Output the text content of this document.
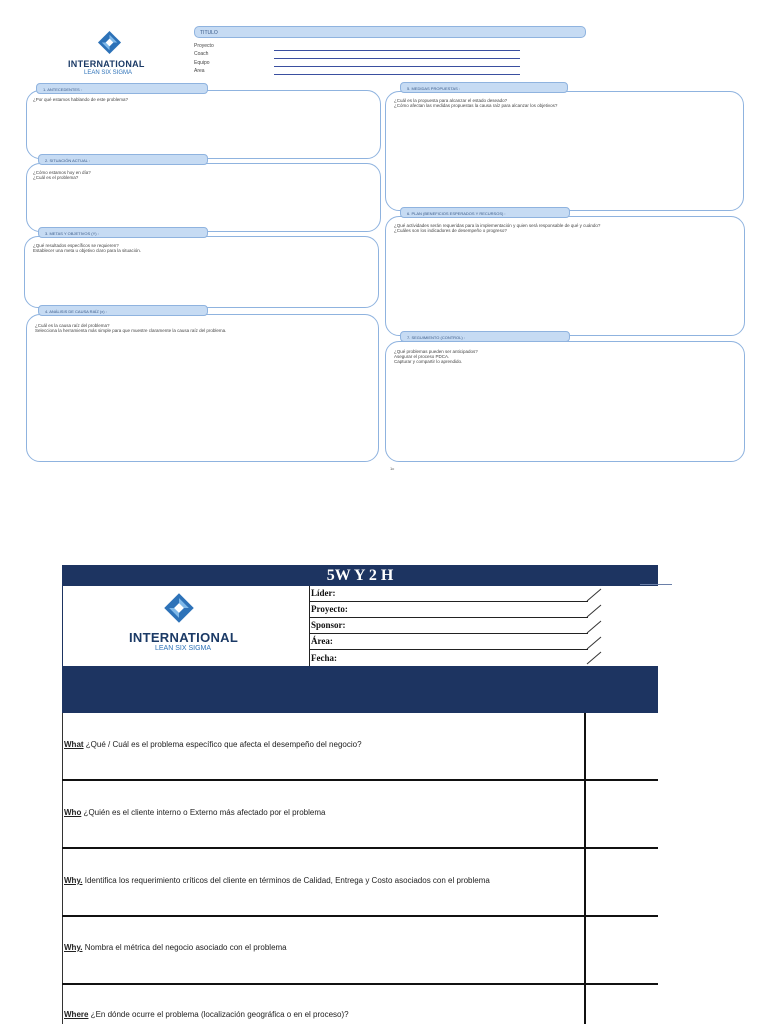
INTERNATIONAL
LEAN SIX SIGMA
TITULO
Proyecto
Coach
Equipo
Area
¿Por qué estamos hablando de este problema?
1. ANTECEDENTES :
¿Cómo estamos hoy en día?
¿Cuál es el problema?
2. SITUACIÓN ACTUAL :
¿Qué resultados específicos se requieren?
Establecer una meta u objetivo claro para la situación.
3. METAS Y OBJETIVOS (Y) :
¿Cuál es la causa raíz del problema?
Selecciona la herramienta más simple para que muestre claramente la causa raíz del problema.
4. ANÁLISIS DE CAUSA RAÍZ (x) :
¿Cuál es la propuesta para alcanzar el estado deseado?
¿Cómo afectan las medidas propuestas la causa raíz para alcanzar los objetivos?
5. MEDIDAS PROPUESTAS :
¿Qué actividades serán requeridas para la implementación y quien será responsable de qué y cuándo?
¿Cuáles son los indicadores de desempeño o progreso?
6. PLAN (BENEFICIOS ESPERADOS Y RECURSOS) :
¿Qué problemas pueden ser anticipados?
Asegurar el proceso PDCA.
Capturar y compartir lo aprendido.
7. SEGUIMIENTO (CONTROL) :
1c
5W Y 2 H
INTERNATIONAL
LEAN SIX SIGMA
Líder:
Proyecto:
Sponsor:
Área:
Fecha:
What ¿Qué / Cuál es el problema específico que afecta el desempeño del negocio?
Who ¿Quién es el cliente interno o Externo más afectado por el problema
Why. Identifica los requerimiento críticos del cliente en términos de Calidad, Entrega y Costo asociados con el problema
Why. Nombra el métrica del negocio asociado con el problema
Where ¿En dónde ocurre el problema (localización geográfica o en el proceso)?
